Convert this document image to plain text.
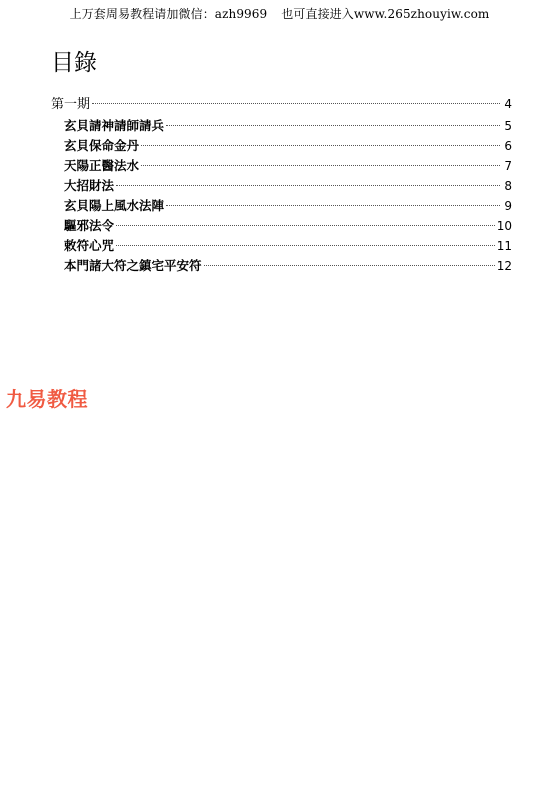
上万套周易教程请加微信：azh9969 也可直接进入www.265zhouyiw.com
目錄
第一期	4
玄貝請神請師請兵	5
玄貝保命金丹	6
天陽正醫法水	7
大招財法	8
玄貝陽上風水法陣	9
驅邪法令	10
敕符心咒	11
本門諸大符之鎮宅平安符	12
九易教程
